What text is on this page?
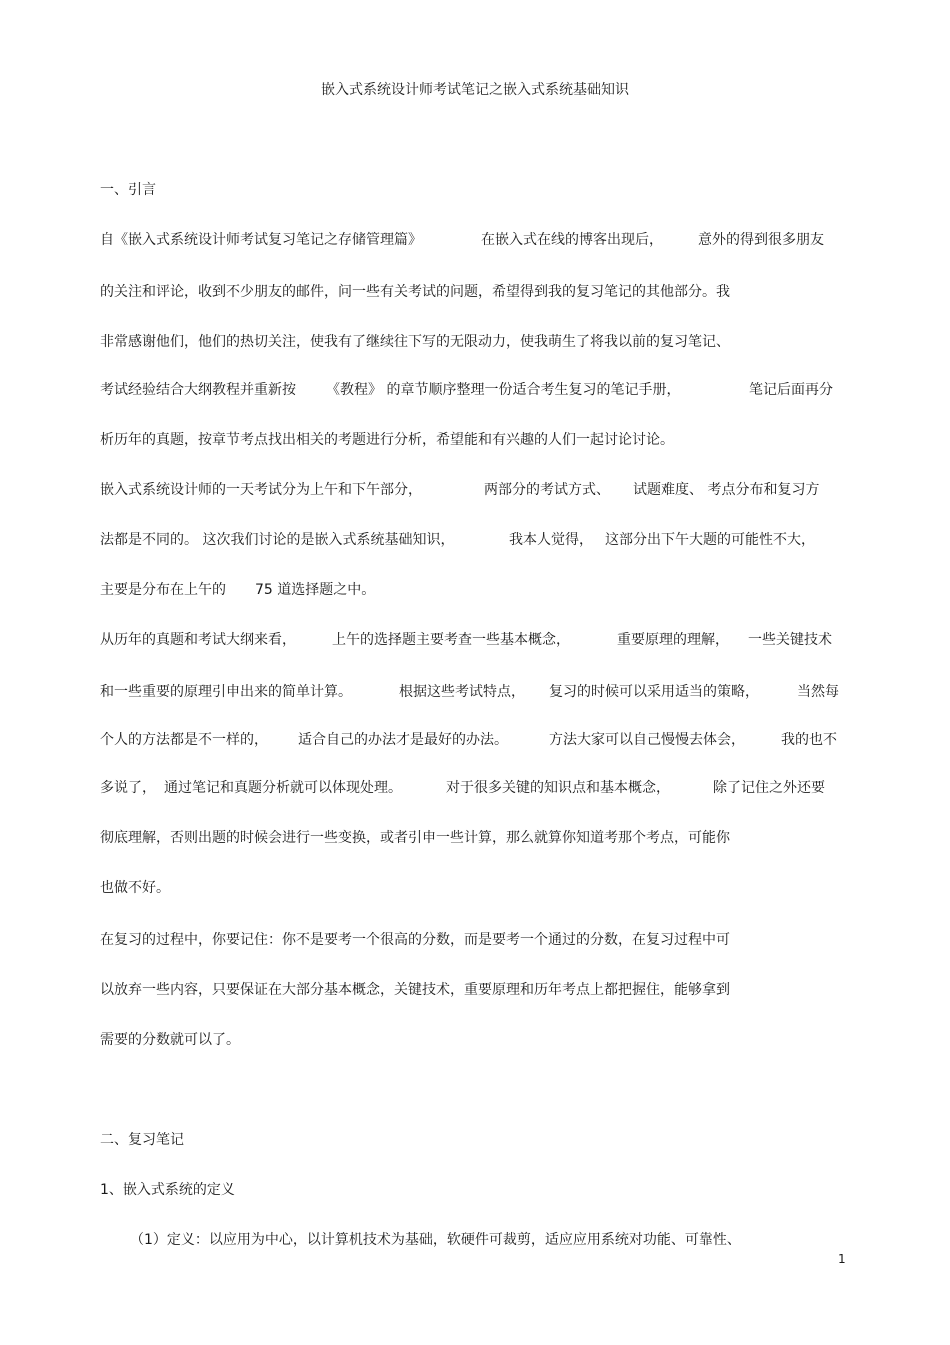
嵌入式系统设计师考试笔记之嵌入式系统基础知识
一、引言
自《嵌入式系统设计师考试复习笔记之存储管理篇》	在嵌入式在线的博客出现后，	意外的得到很多朋友
的关注和评论，收到不少朋友的邮件，问一些有关考试的问题，希望得到我的复习笔记的其他部分。我
非常感谢他们，他们的热切关注，使我有了继续往下写的无限动力，使我萌生了将我以前的复习笔记、
考试经验结合大纲教程并重新按 《教程》 的章节顺序整理一份适合考生复习的笔记手册，	笔记后面再分
析历年的真题，按章节考点找出相关的考题进行分析，希望能和有兴趣的人们一起讨论讨论。
嵌入式系统设计师的一天考试分为上午和下午部分，	两部分的考试方式、 试题难度、 考点分布和复习方
法都是不同的。 这次我们讨论的是嵌入式系统基础知识，	我本人觉得， 这部分出下午大题的可能性不大，
主要是分布在上午的 75 道选择题之中。
从历年的真题和考试大纲来看，	上午的选择题主要考查一些基本概念，	重要原理的理解， 一些关键技术
和一些重要的原理引申出来的简单计算。	根据这些考试特点， 复习的时候可以采用适当的策略，	当然每
个人的方法都是不一样的， 适合自己的办法才是最好的办法。	方法大家可以自己慢慢去体会，	我的也不
多说了， 通过笔记和真题分析就可以体现处理。	对于很多关键的知识点和基本概念，	除了记住之外还要
彻底理解，否则出题的时候会进行一些变换，或者引申一些计算，那么就算你知道考那个考点，可能你
也做不好。
在复习的过程中，你要记住：你不是要考一个很高的分数，而是要考一个通过的分数，在复习过程中可
以放弃一些内容，只要保证在大部分基本概念，关键技术，重要原理和历年考点上都把握住，能够拿到
需要的分数就可以了。
二、复习笔记
1、嵌入式系统的定义
（1）定义：以应用为中心，以计算机技术为基础，软硬件可裁剪，适应应用系统对功能、可靠性、
1
